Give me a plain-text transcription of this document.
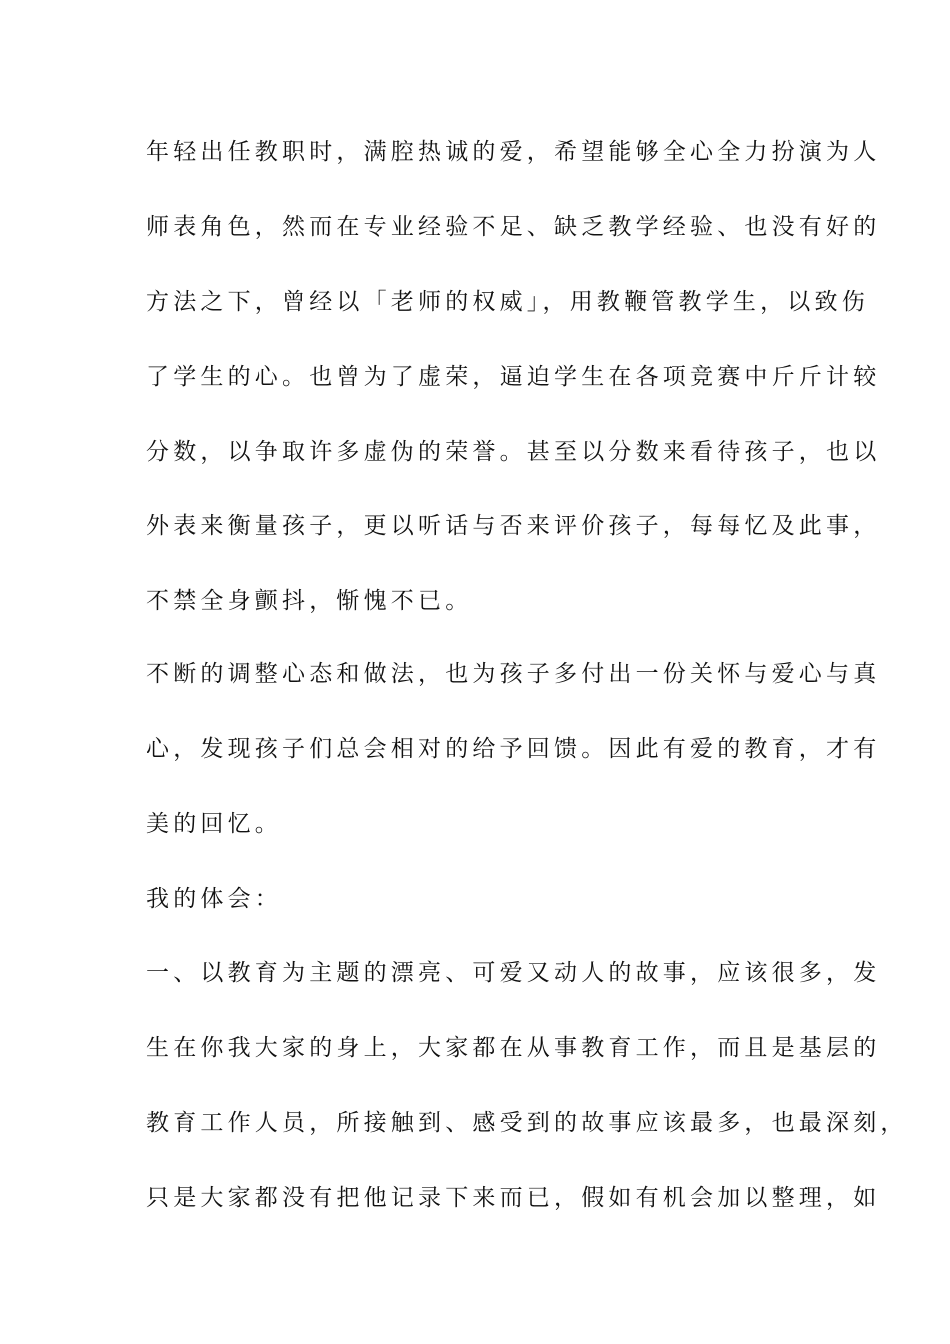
年轻出任教职时，满腔热诚的爱，希望能够全心全力扮演为人
师表角色，然而在专业经验不足、缺乏教学经验、也没有好的
方法之下，曾经以「老师的权威」，用教鞭管教学生，以致伤
了学生的心。也曾为了虚荣，逼迫学生在各项竞赛中斤斤计较
分数，以争取许多虚伪的荣誉。甚至以分数来看待孩子，也以
外表来衡量孩子，更以听话与否来评价孩子，每每忆及此事，
不禁全身颤抖，惭愧不已。
不断的调整心态和做法，也为孩子多付出一份关怀与爱心与真
心，发现孩子们总会相对的给予回馈。因此有爱的教育，才有
美的回忆。
我的体会：
一、以教育为主题的漂亮、可爱又动人的故事，应该很多，发
生在你我大家的身上，大家都在从事教育工作，而且是基层的
教育工作人员，所接触到、感受到的故事应该最多，也最深刻，
只是大家都没有把他记录下来而已，假如有机会加以整理，如
